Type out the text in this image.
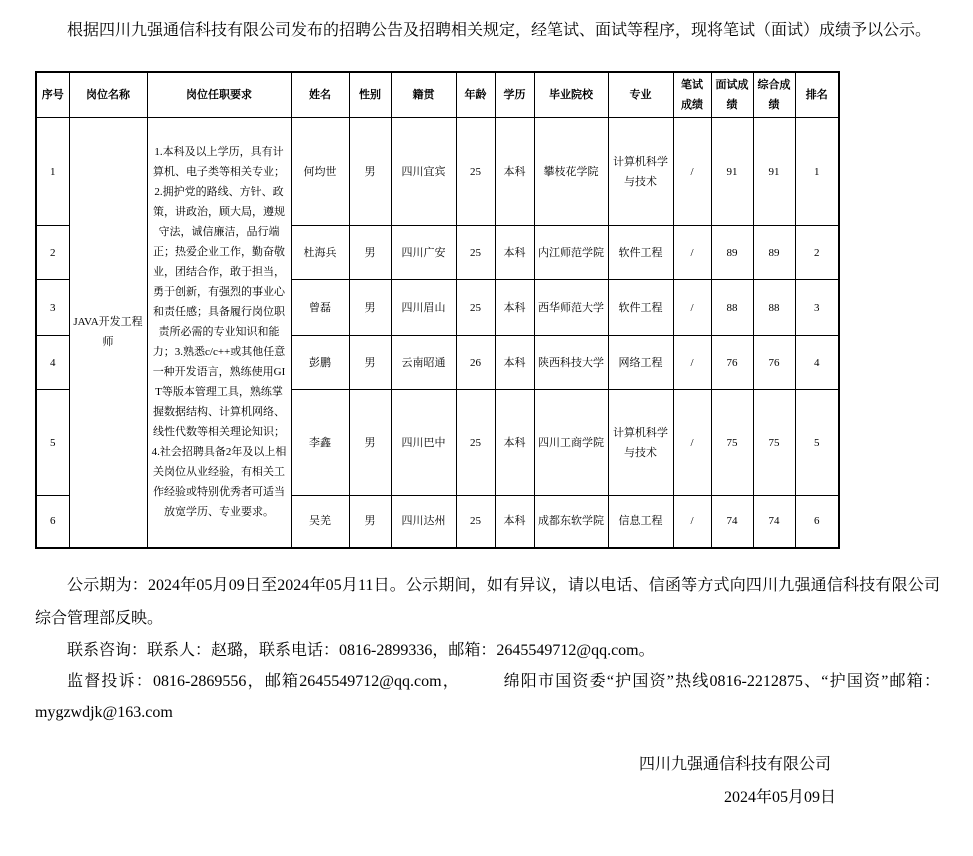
根据四川九强通信科技有限公司发布的招聘公告及招聘相关规定，经笔试、面试等程序，现将笔试（面试）成绩予以公示。

序号	岗位名称	岗位任职要求	姓名	性别	籍贯	年龄	学历	毕业院校	专业	笔试成绩	面试成绩	综合成绩	排名
1	JAVA开发工程师	1.本科及以上学历，具有计算机、电子类等相关专业；2.拥护党的路线、方针、政策，讲政治，顾大局，遵规守法，诚信廉洁，品行端正；热爱企业工作，勤奋敬业，团结合作，敢于担当，勇于创新，有强烈的事业心和责任感；具备履行岗位职责所必需的专业知识和能力；3.熟悉c/c++或其他任意一种开发语言，熟练使用GIT等版本管理工具，熟练掌握数据结构、计算机网络、线性代数等相关理论知识；4.社会招聘具备2年及以上相关岗位从业经验，有相关工作经验或特别优秀者可适当放宽学历、专业要求。	何均世	男	四川宜宾	25	本科	攀枝花学院	计算机科学与技术	/	91	91	1
2			杜海兵	男	四川广安	25	本科	内江师范学院	软件工程	/	89	89	2
3			曾磊	男	四川眉山	25	本科	西华师范大学	软件工程	/	88	88	3
4			彭鹏	男	云南昭通	26	本科	陕西科技大学	网络工程	/	76	76	4
5			李鑫	男	四川巴中	25	本科	四川工商学院	计算机科学与技术	/	75	75	5
6			吴羌	男	四川达州	25	本科	成都东软学院	信息工程	/	74	74	6

公示期为：2024年05月09日至2024年05月11日。公示期间，如有异议，请以电话、信函等方式向四川九强通信科技有限公司 综合管理部反映。

联系咨询：联系人：赵璐，联系电话：0816-2899336，邮箱：2645549712@qq.com。

监督投诉：0816-2869556，邮箱2645549712@qq.com，　　　绵阳市国资委“护国资”热线0816-2212875、“护国资”邮箱：mygzwdjk@163.com

四川九强通信科技有限公司
2024年05月09日
